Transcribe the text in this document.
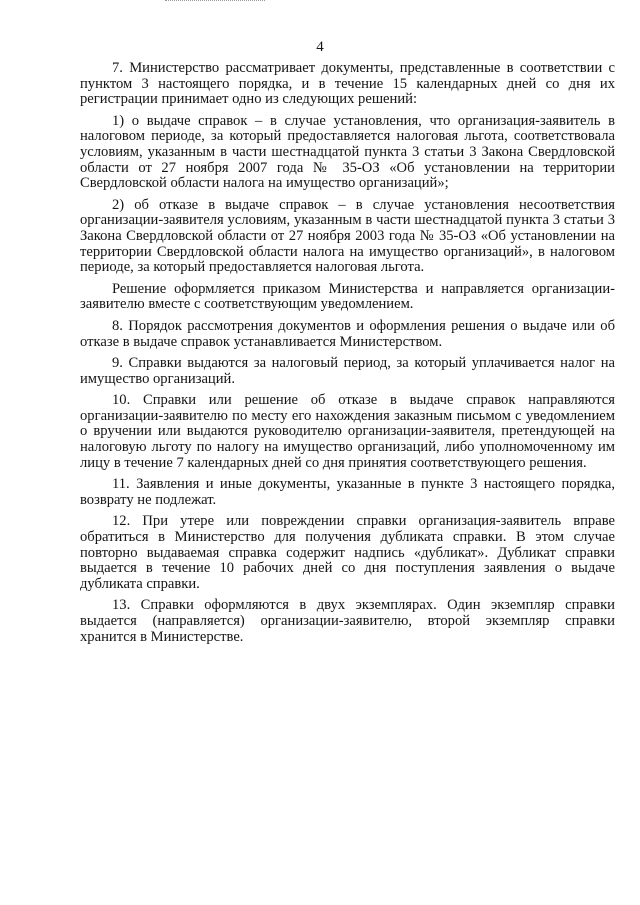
4

7. Министерство рассматривает документы, представленные в соответствии с пунктом 3 настоящего порядка, и в течение 15 календарных дней со дня их регистрации принимает одно из следующих решений:

1) о выдаче справок – в случае установления, что организация-заявитель в налоговом периоде, за который предоставляется налоговая льгота, соответствовала условиям, указанным в части шестнадцатой пункта 3 статьи 3 Закона Свердловской области от 27 ноября 2007 года № 35-ОЗ «Об установлении на территории Свердловской области налога на имущество организаций»;

2) об отказе в выдаче справок – в случае установления несоответствия организации-заявителя условиям, указанным в части шестнадцатой пункта 3 статьи 3 Закона Свердловской области от 27 ноября 2003 года № 35-ОЗ «Об установлении на территории Свердловской области налога на имущество организаций», в налоговом периоде, за который предоставляется налоговая льгота.

Решение оформляется приказом Министерства и направляется организации-заявителю вместе с соответствующим уведомлением.

8. Порядок рассмотрения документов и оформления решения о выдаче или об отказе в выдаче справок устанавливается Министерством.

9. Справки выдаются за налоговый период, за который уплачивается налог на имущество организаций.

10. Справки или решение об отказе в выдаче справок направляются организации-заявителю по месту его нахождения заказным письмом с уведомлением о вручении или выдаются руководителю организации-заявителя, претендующей на налоговую льготу по налогу на имущество организаций, либо уполномоченному им лицу в течение 7 календарных дней со дня принятия соответствующего решения.

11. Заявления и иные документы, указанные в пункте 3 настоящего порядка, возврату не подлежат.

12. При утере или повреждении справки организация-заявитель вправе обратиться в Министерство для получения дубликата справки. В этом случае повторно выдаваемая справка содержит надпись «дубликат». Дубликат справки выдается в течение 10 рабочих дней со дня поступления заявления о выдаче дубликата справки.

13. Справки оформляются в двух экземплярах. Один экземпляр справки выдается (направляется) организации-заявителю, второй экземпляр справки хранится в Министерстве.
